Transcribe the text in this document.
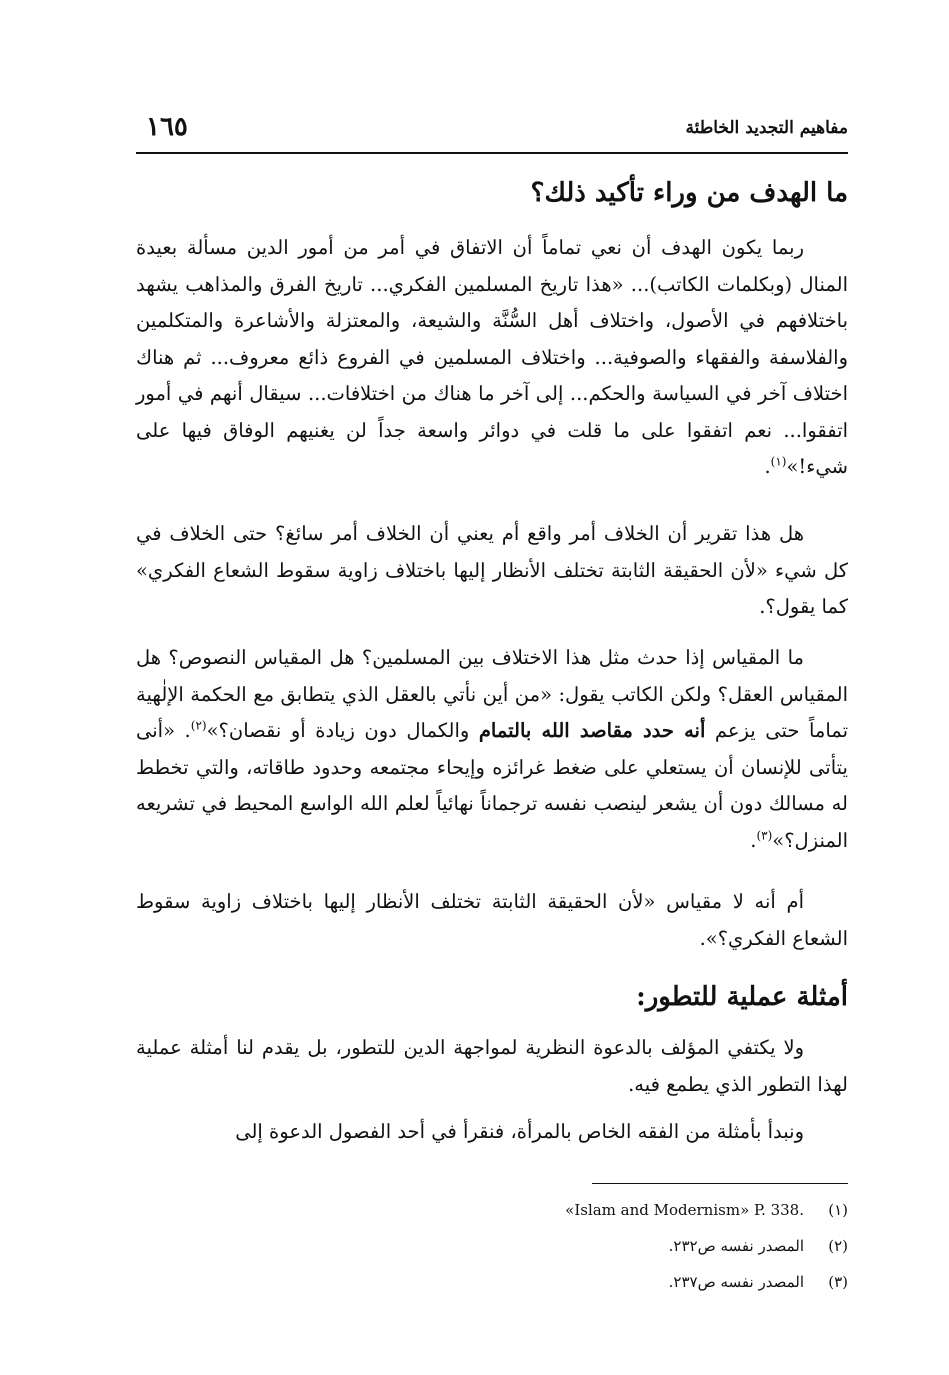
مفاهيم التجديد الخاطئة
١٦٥
ما الهدف من وراء تأكيد ذلك؟

ربما يكون الهدف أن نعي تماماً أن الاتفاق في أمر من أمور الدين مسألة بعيدة المنال (وبكلمات الكاتب)... «هذا تاريخ المسلمين الفكري... تاريخ الفرق والمذاهب يشهد باختلافهم في الأصول، واختلاف أهل السُّنَّة والشيعة، والمعتزلة والأشاعرة والمتكلمين والفلاسفة والفقهاء والصوفية... واختلاف المسلمين في الفروع ذائع معروف... ثم هناك اختلاف آخر في السياسة والحكم... إلى آخر ما هناك من اختلافات... سيقال أنهم في أمور اتفقوا... نعم اتفقوا على ما قلت في دوائر واسعة جداً لن يغنيهم الوفاق فيها على شيء!»$^{(١)}$.

هل هذا تقرير أن الخلاف أمر واقع أم يعني أن الخلاف أمر سائغ؟ حتى الخلاف في كل شيء «لأن الحقيقة الثابتة تختلف الأنظار إليها باختلاف زاوية سقوط الشعاع الفكري» كما يقول؟.

ما المقياس إذا حدث مثل هذا الاختلاف بين المسلمين؟ هل المقياس النصوص؟ هل المقياس العقل؟ ولكن الكاتب يقول: «من أين نأتي بالعقل الذي يتطابق مع الحكمة الإلٰهية تماماً حتى يزعم أنه حدد مقاصد الله بالتمام والكمال دون زيادة أو نقصان؟»$^{(٢)}$. «أنى يتأتى للإنسان أن يستعلي على ضغط غرائزه وإيحاء مجتمعه وحدود طاقاته، والتي تخطط له مسالك دون أن يشعر لينصب نفسه ترجماناً نهائياً لعلم الله الواسع المحيط في تشريعه المنزل؟»$^{(٣)}$.

أم أنه لا مقياس «لأن الحقيقة الثابتة تختلف الأنظار إليها باختلاف زاوية سقوط الشعاع الفكري؟».

أمثلة عملية للتطور:

ولا يكتفي المؤلف بالدعوة النظرية لمواجهة الدين للتطور، بل يقدم لنا أمثلة عملية لهذا التطور الذي يطمع فيه.

ونبدأ بأمثلة من الفقه الخاص بالمرأة، فنقرأ في أحد الفصول الدعوة إلى

(١)«Islam and Modernism» P. 338.
(٢)المصدر نفسه ص٢٣٢.
(٣)المصدر نفسه ص٢٣٧.
